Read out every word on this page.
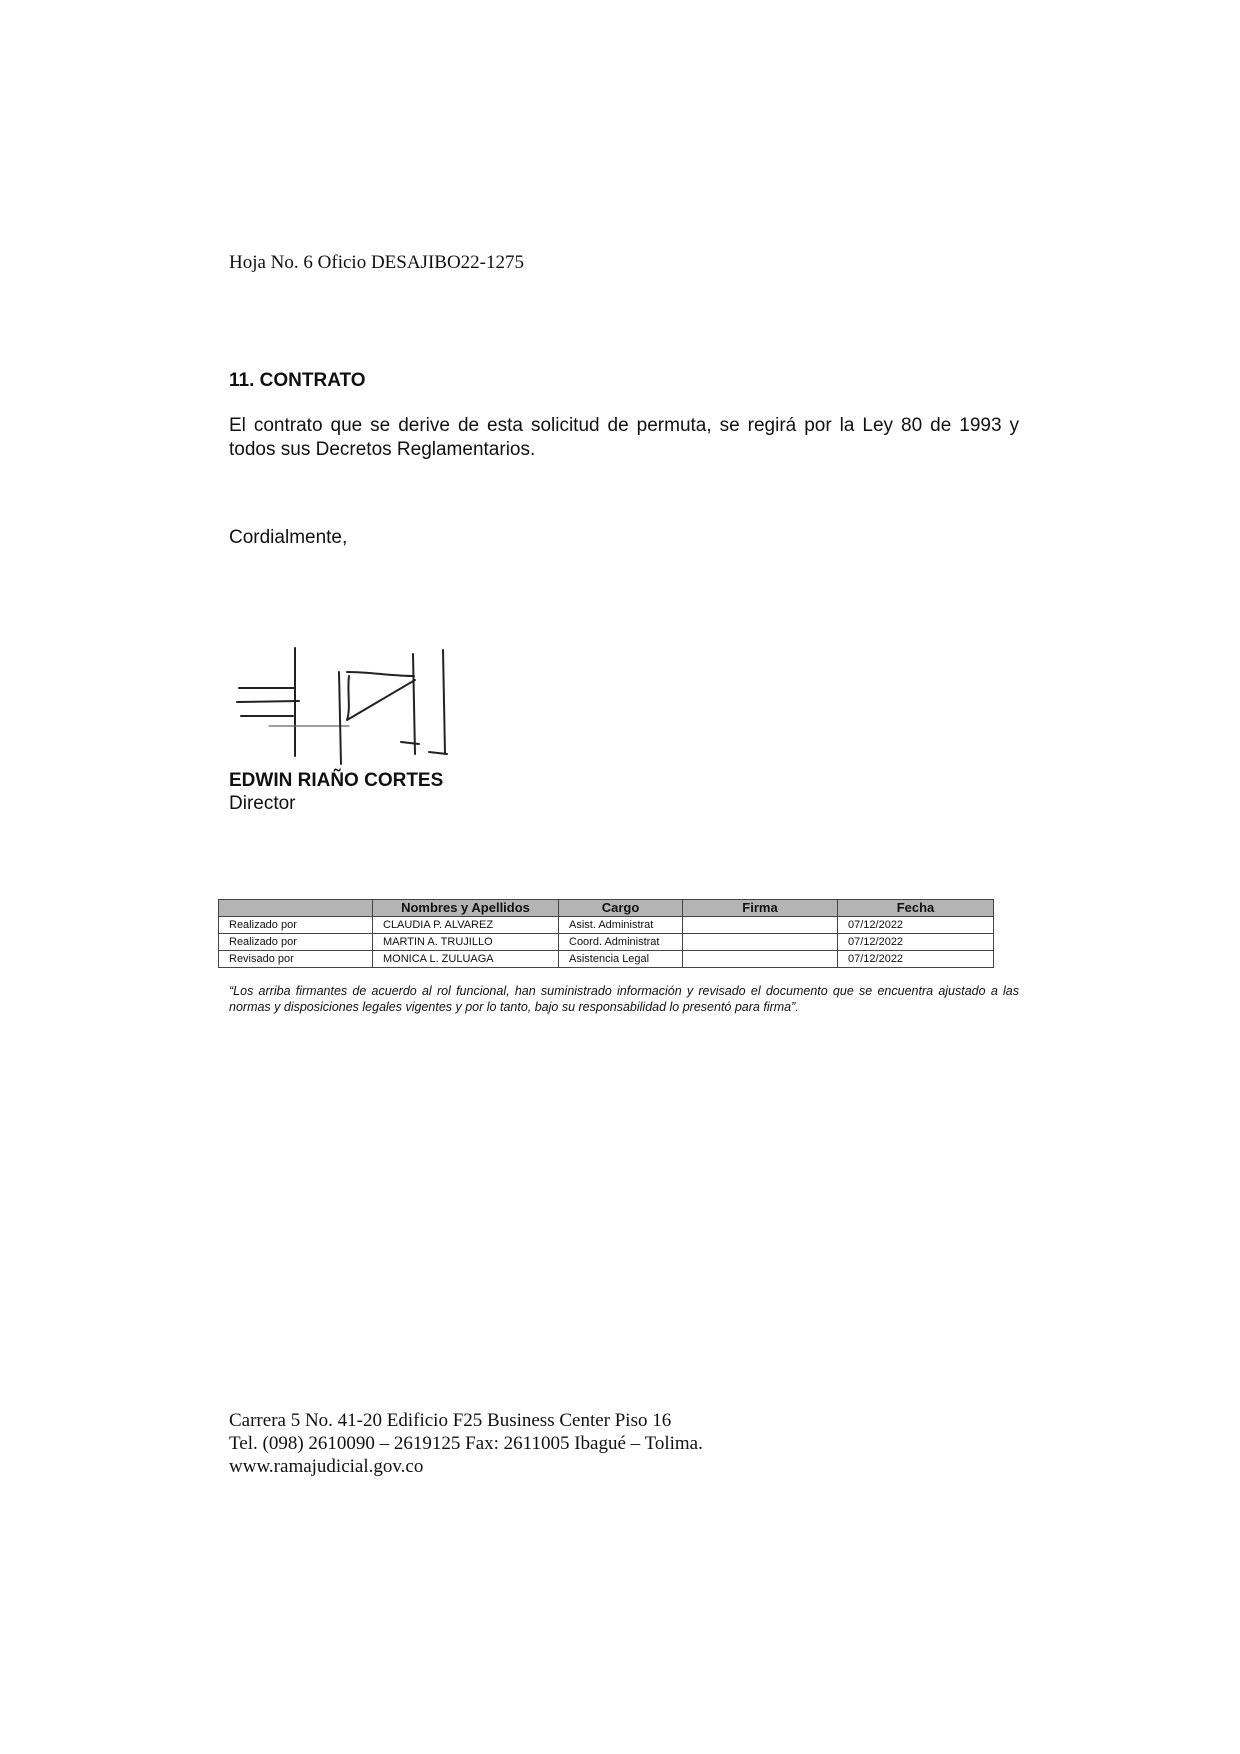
Hoja No. 6 Oficio DESAJIBO22-1275
11. CONTRATO
El contrato que se derive de esta solicitud de permuta, se regirá por la Ley 80 de 1993 y todos sus Decretos Reglamentarios.
Cordialmente,
EDWIN RIAÑO CORTES
Director
	Nombres y Apellidos	Cargo	Firma	Fecha
Realizado por	CLAUDIA P. ALVAREZ	Asist. Administrat		07/12/2022
Realizado por	MARTIN A. TRUJILLO	Coord. Administrat		07/12/2022
Revisado por	MONICA L. ZULUAGA	Asistencia Legal		07/12/2022
“Los arriba firmantes de acuerdo al rol funcional, han suministrado información y revisado el documento que se encuentra ajustado a las normas y disposiciones legales vigentes y por lo tanto, bajo su responsabilidad lo presentó para firma”.
Carrera 5 No. 41-20 Edificio F25 Business Center Piso 16
Tel. (098) 2610090 – 2619125 Fax: 2611005 Ibagué – Tolima.
www.ramajudicial.gov.co
